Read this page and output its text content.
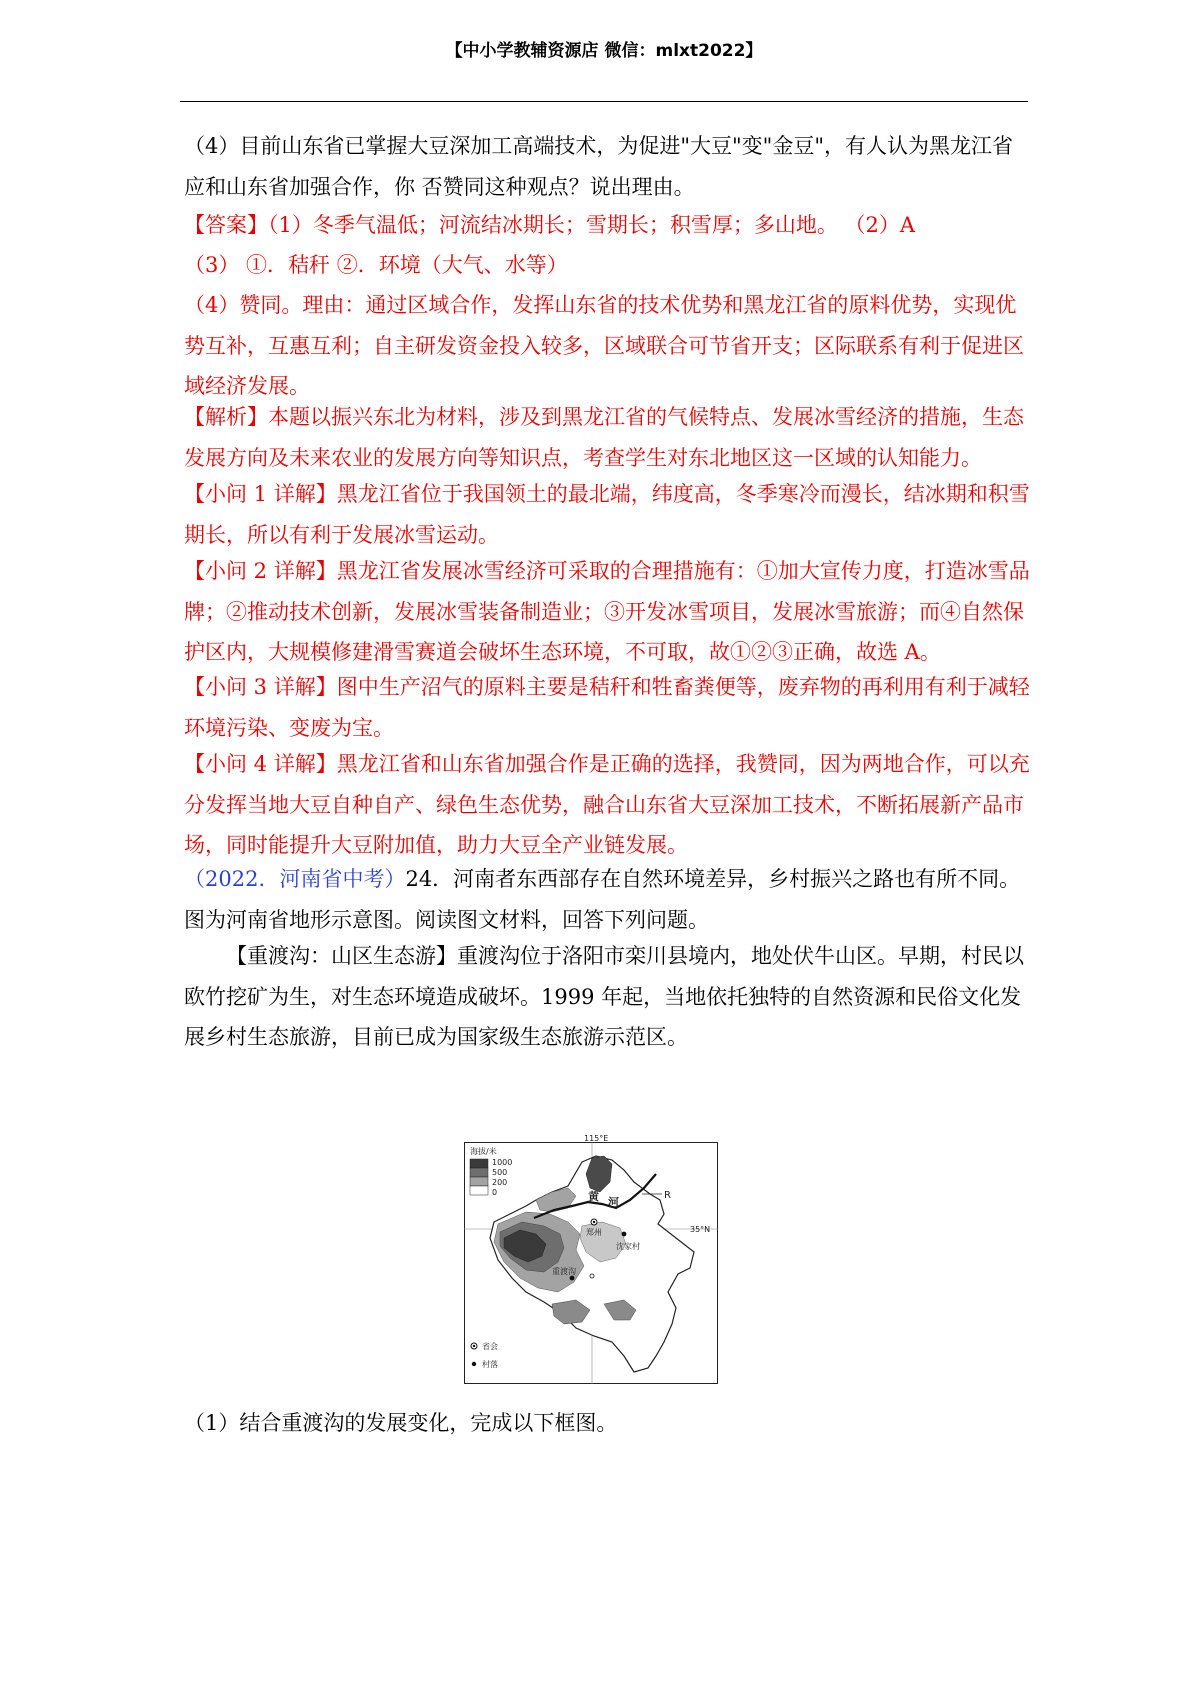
【中小学教辅资源店 微信：mlxt2022】

（4）目前山东省已掌握大豆深加工高端技术，为促进"大豆"变"金豆"，有人认为黑龙江省应和山东省加强合作，你 否赞同这种观点？说出理由。

【答案】（1）冬季气温低；河流结冰期长；雪期长；积雪厚；多山地。 （2）A

（3） ①．秸秆 ②．环境（大气、水等）

（4）赞同。理由：通过区域合作，发挥山东省的技术优势和黑龙江省的原料优势，实现优势互补，互惠互利；自主研发资金投入较多，区域联合可节省开支；区际联系有利于促进区域经济发展。

【解析】本题以振兴东北为材料，涉及到黑龙江省的气候特点、发展冰雪经济的措施，生态发展方向及未来农业的发展方向等知识点，考查学生对东北地区这一区域的认知能力。

【小问 1 详解】黑龙江省位于我国领土的最北端，纬度高，冬季寒冷而漫长，结冰期和积雪期长，所以有利于发展冰雪运动。

【小问 2 详解】黑龙江省发展冰雪经济可采取的合理措施有：①加大宣传力度，打造冰雪品牌；②推动技术创新，发展冰雪装备制造业；③开发冰雪项目，发展冰雪旅游；而④自然保护区内，大规模修建滑雪赛道会破坏生态环境，不可取，故①②③正确，故选 A。

【小问 3 详解】图中生产沼气的原料主要是秸秆和牲畜粪便等，废弃物的再利用有利于减轻环境污染、变废为宝。

【小问 4 详解】黑龙江省和山东省加强合作是正确的选择，我赞同，因为两地合作，可以充分发挥当地大豆自种自产、绿色生态优势，融合山东省大豆深加工技术，不断拓展新产品市场，同时能提升大豆附加值，助力大豆全产业链发展。

（2022．河南省中考）24．河南者东西部存在自然环境差异，乡村振兴之路也有所不同。图为河南省地形示意图。阅读图文材料，回答下列问题。

【重渡沟：山区生态游】重渡沟位于洛阳市栾川县境内，地处伏牛山区。早期，村民以欧竹挖矿为生，对生态环境造成破坏。1999 年起，当地依托独特的自然资源和民俗文化发展乡村生态旅游，目前已成为国家级生态旅游示范区。

115°E
35°N
黄 河
R
郑州
沈家村
重渡沟
海拔/米
1000
500
200
0
省会
村落

（1）结合重渡沟的发展变化，完成以下框图。
